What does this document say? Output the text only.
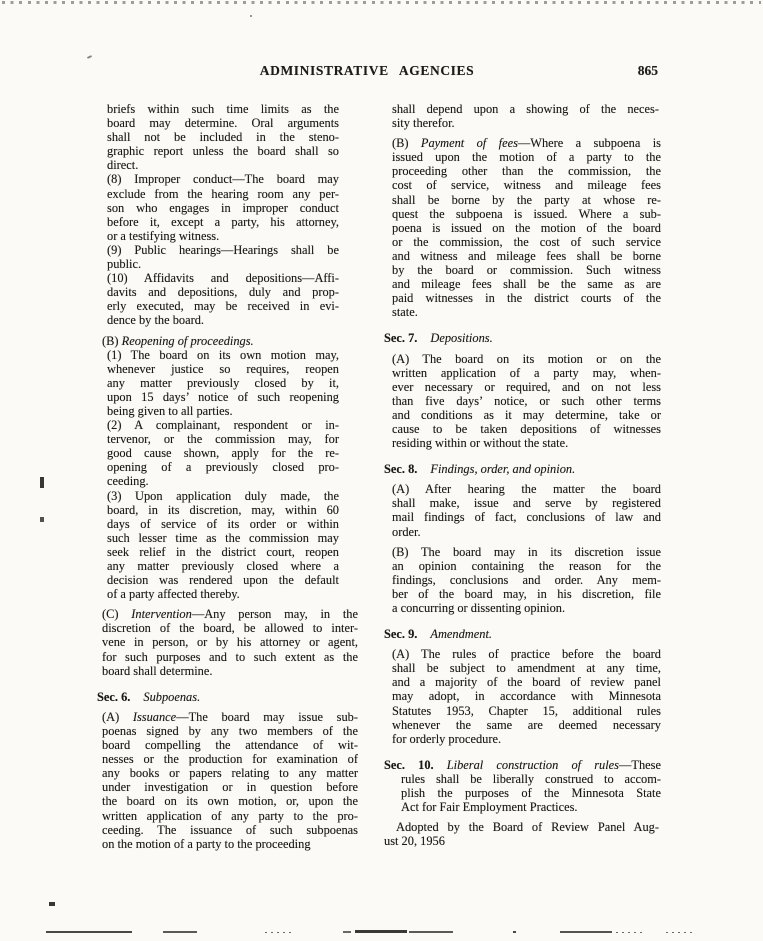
ADMINISTRATIVE AGENCIES	865
briefs within such time limits as the
board may determine. Oral arguments
shall not be included in the steno-
graphic report unless the board shall so
direct.
(8) Improper conduct—The board may
exclude from the hearing room any per-
son who engages in improper conduct
before it, except a party, his attorney,
or a testifying witness.
(9) Public hearings—Hearings shall be
public.
(10) Affidavits and depositions—Affi-
davits and depositions, duly and prop-
erly executed, may be received in evi-
dence by the board.
(B) Reopening of proceedings.
(1) The board on its own motion may,
whenever justice so requires, reopen
any matter previously closed by it,
upon 15 days’ notice of such reopening
being given to all parties.
(2) A complainant, respondent or in-
tervenor, or the commission may, for
good cause shown, apply for the re-
opening of a previously closed pro-
ceeding.
(3) Upon application duly made, the
board, in its discretion, may, within 60
days of service of its order or within
such lesser time as the commission may
seek relief in the district court, reopen
any matter previously closed where a
decision was rendered upon the default
of a party affected thereby.
(C) Intervention—Any person may, in the
discretion of the board, be allowed to inter-
vene in person, or by his attorney or agent,
for such purposes and to such extent as the
board shall determine.
Sec. 6. Subpoenas.
(A) Issuance—The board may issue sub-
poenas signed by any two members of the
board compelling the attendance of wit-
nesses or the production for examination of
any books or papers relating to any matter
under investigation or in question before
the board on its own motion, or, upon the
written application of any party to the pro-
ceeding. The issuance of such subpoenas
on the motion of a party to the proceeding
shall depend upon a showing of the neces-
sity therefor.
(B) Payment of fees—Where a subpoena is
issued upon the motion of a party to the
proceeding other than the commission, the
cost of service, witness and mileage fees
shall be borne by the party at whose re-
quest the subpoena is issued. Where a sub-
poena is issued on the motion of the board
or the commission, the cost of such service
and witness and mileage fees shall be borne
by the board or commission. Such witness
and mileage fees shall be the same as are
paid witnesses in the district courts of the
state.
Sec. 7. Depositions.
(A) The board on its motion or on the
written application of a party may, when-
ever necessary or required, and on not less
than five days’ notice, or such other terms
and conditions as it may determine, take or
cause to be taken depositions of witnesses
residing within or without the state.
Sec. 8. Findings, order, and opinion.
(A) After hearing the matter the board
shall make, issue and serve by registered
mail findings of fact, conclusions of law and
order.
(B) The board may in its discretion issue
an opinion containing the reason for the
findings, conclusions and order. Any mem-
ber of the board may, in his discretion, file
a concurring or dissenting opinion.
Sec. 9. Amendment.
(A) The rules of practice before the board
shall be subject to amendment at any time,
and a majority of the board of review panel
may adopt, in accordance with Minnesota
Statutes 1953, Chapter 15, additional rules
whenever the same are deemed necessary
for orderly procedure.
Sec. 10. Liberal construction of rules—These
rules shall be liberally construed to accom-
plish the purposes of the Minnesota State
Act for Fair Employment Practices.
Adopted by the Board of Review Panel Aug-
ust 20, 1956
